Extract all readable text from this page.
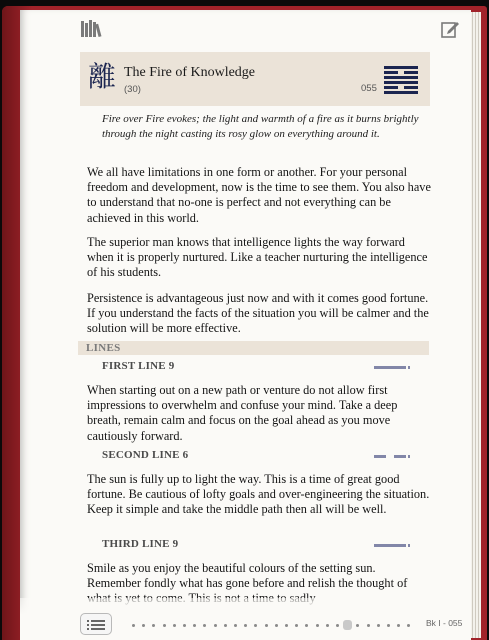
離 The Fire of Knowledge
(30)	055

Fire over Fire evokes; the light and warmth of a fire as it burns brightly through the night casting its rosy glow on everything around it.

We all have limitations in one form or another. For your personal freedom and development, now is the time to see them. You also have to understand that no-one is perfect and not everything can be achieved in this world.

The superior man knows that intelligence lights the way forward when it is properly nurtured. Like a teacher nurturing the intelligence of his students.

Persistence is advantageous just now and with it comes good fortune. If you understand the facts of the situation you will be calmer and the solution will be more effective.

LINES
FIRST LINE 9

When starting out on a new path or venture do not allow first impressions to overwhelm and confuse your mind. Take a deep breath, remain calm and focus on the goal ahead as you move cautiously forward.

SECOND LINE 6

The sun is fully up to light the way. This is a time of great good fortune. Be cautious of lofty goals and over-engineering the situation. Keep it simple and take the middle path then all will be well.

THIRD LINE 9

Smile as you enjoy the beautiful colours of the setting sun. Remember fondly what has gone before and relish the thought of

Bk I - 055
